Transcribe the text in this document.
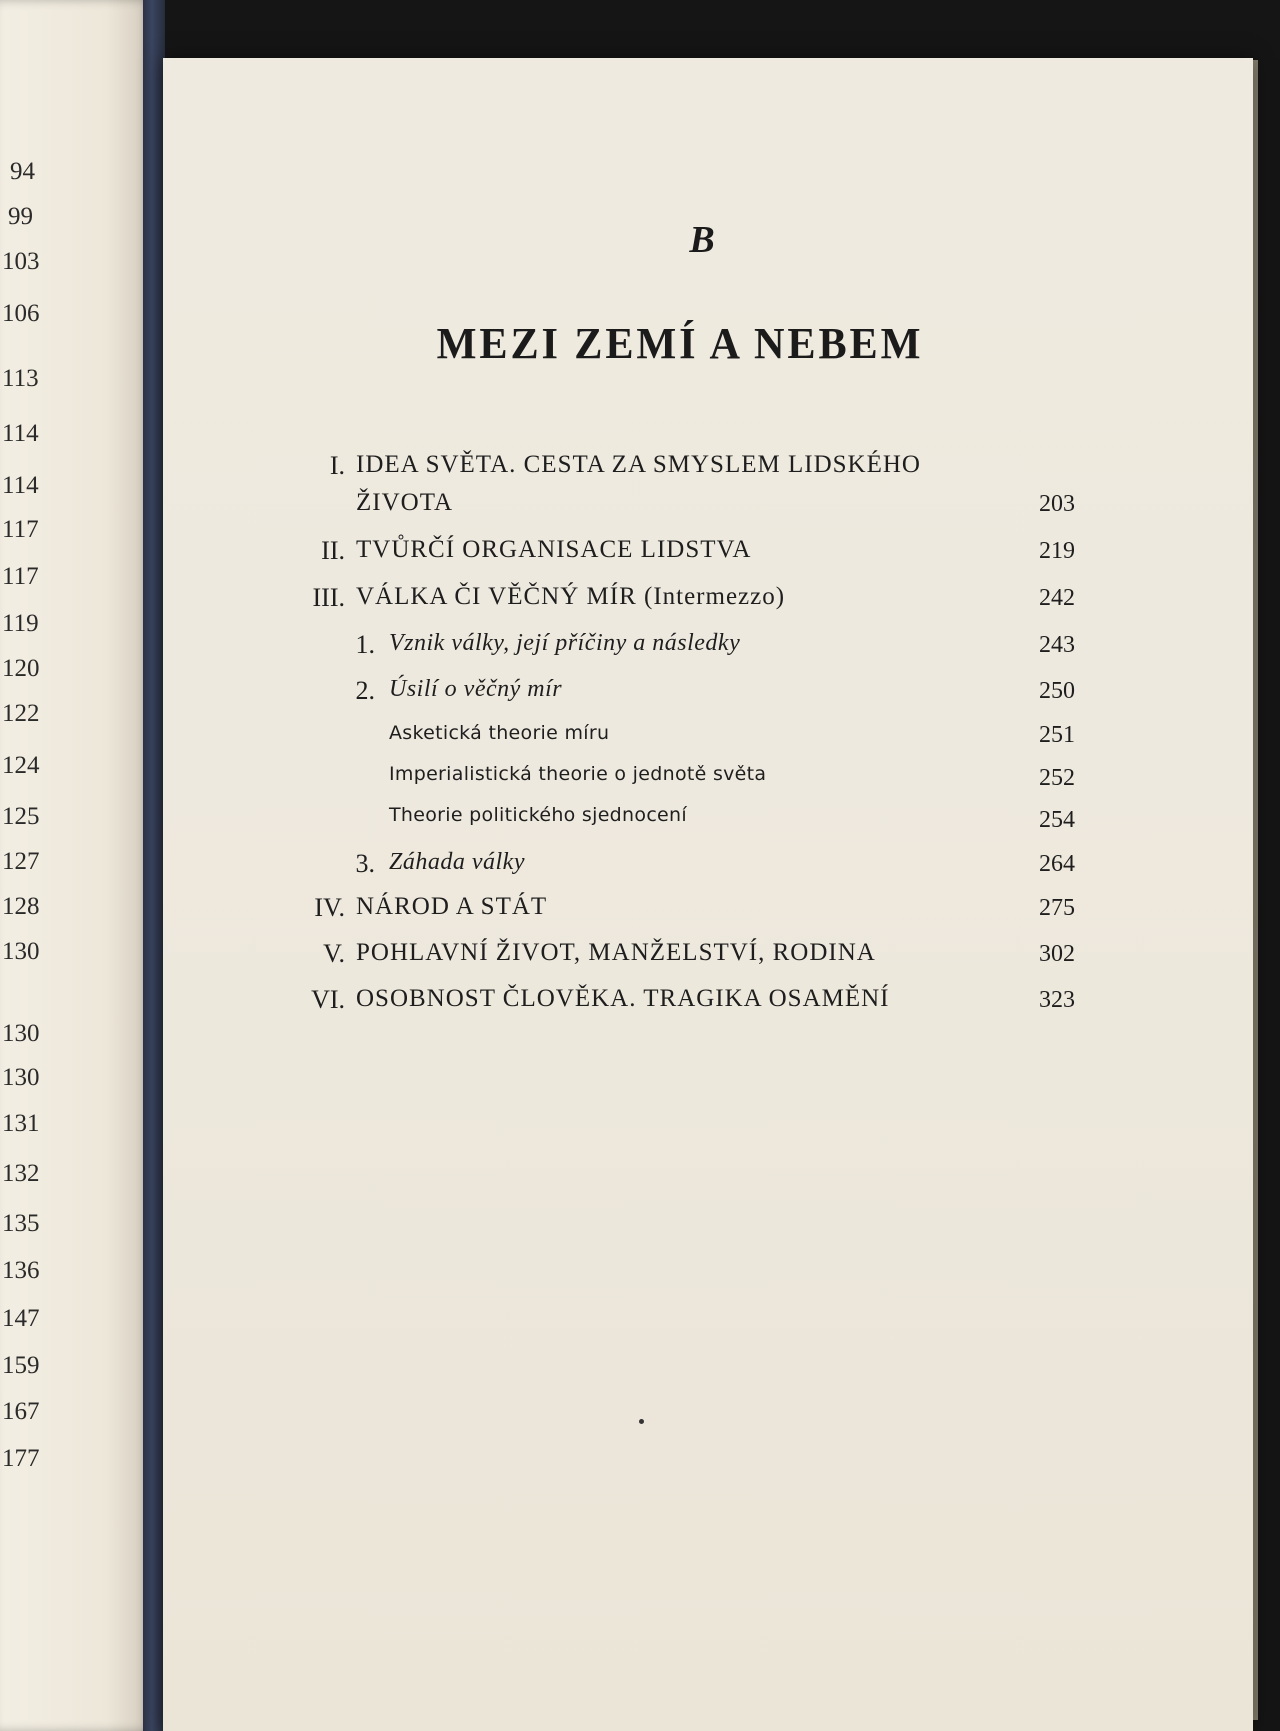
94
99
103
106
113
114
114
117
117
119
120
122
124
125
127
128
130
130
130
131
132
135
136
147
159
167
177
B
MEZI ZEMÍ A NEBEM
I. IDEA SVĚTA. CESTA ZA SMYSLEM LIDSKÉHO
ŽIVOTA	203
II. TVŮRČÍ ORGANISACE LIDSTVA	219
III. VÁLKA ČI VĚČNÝ MÍR (Intermezzo)	242
1. Vznik války, její příčiny a následky	243
2. Úsilí o věčný mír	250
Asketická theorie míru	251
Imperialistická theorie o jednotě světa	252
Theorie politického sjednocení	254
3. Záhada války	264
IV. NÁROD A STÁT	275
V. POHLAVNÍ ŽIVOT, MANŽELSTVÍ, RODINA	302
VI. OSOBNOST ČLOVĚKA. TRAGIKA OSAMĚNÍ	323
